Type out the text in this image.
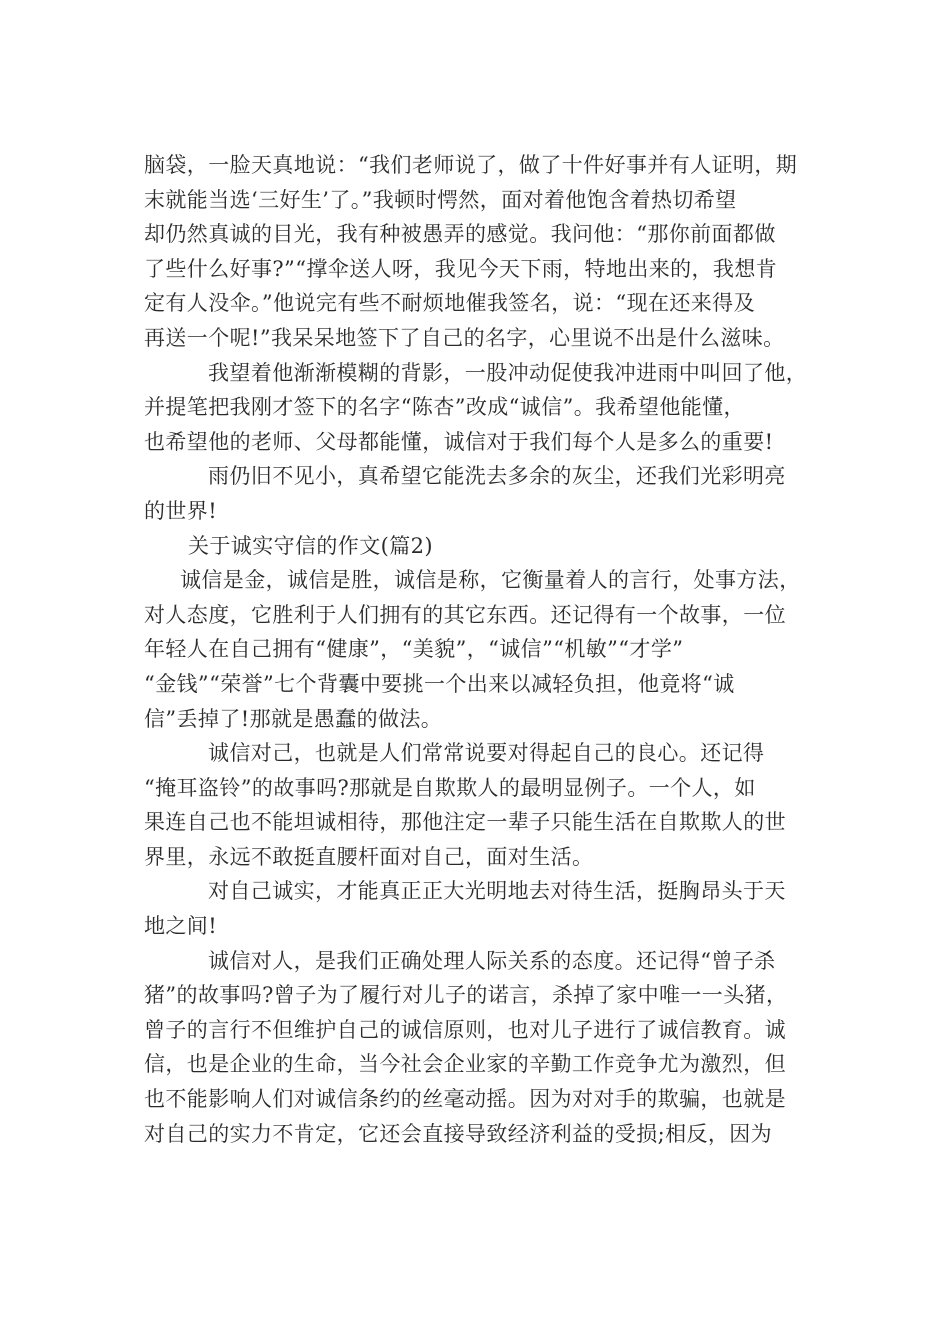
脑袋，一脸天真地说：“我们老师说了，做了十件好事并有人证明，期
末就能当选‘三好生’了。”我顿时愕然，面对着他饱含着热切希望
却仍然真诚的目光，我有种被愚弄的感觉。我问他：“那你前面都做
了些什么好事?”“撑伞送人呀，我见今天下雨，特地出来的，我想肯
定有人没伞。”他说完有些不耐烦地催我签名，说：“现在还来得及
再送一个呢!”我呆呆地签下了自己的名字，心里说不出是什么滋味。
我望着他渐渐模糊的背影，一股冲动促使我冲进雨中叫回了他，
并提笔把我刚才签下的名字“陈杏”改成“诚信”。我希望他能懂，
也希望他的老师、父母都能懂，诚信对于我们每个人是多么的重要!
雨仍旧不见小，真希望它能洗去多余的灰尘，还我们光彩明亮
的世界!
关于诚实守信的作文(篇2)
诚信是金，诚信是胜，诚信是称，它衡量着人的言行，处事方法，
对人态度，它胜利于人们拥有的其它东西。还记得有一个故事，一位
年轻人在自己拥有“健康”，“美貌”，“诚信”“机敏”“才学”
“金钱”“荣誉”七个背囊中要挑一个出来以减轻负担，他竟将“诚
信”丢掉了!那就是愚蠢的做法。
诚信对己，也就是人们常常说要对得起自己的良心。还记得
“掩耳盗铃”的故事吗?那就是自欺欺人的最明显例子。一个人，如
果连自己也不能坦诚相待，那他注定一辈子只能生活在自欺欺人的世
界里，永远不敢挺直腰杆面对自己，面对生活。
对自己诚实，才能真正正大光明地去对待生活，挺胸昂头于天
地之间!
诚信对人，是我们正确处理人际关系的态度。还记得“曾子杀
猪”的故事吗?曾子为了履行对儿子的诺言，杀掉了家中唯一一头猪，
曾子的言行不但维护自己的诚信原则，也对儿子进行了诚信教育。诚
信，也是企业的生命，当今社会企业家的辛勤工作竞争尤为激烈，但
也不能影响人们对诚信条约的丝毫动摇。因为对对手的欺骗，也就是
对自己的实力不肯定，它还会直接导致经济利益的受损;相反，因为
